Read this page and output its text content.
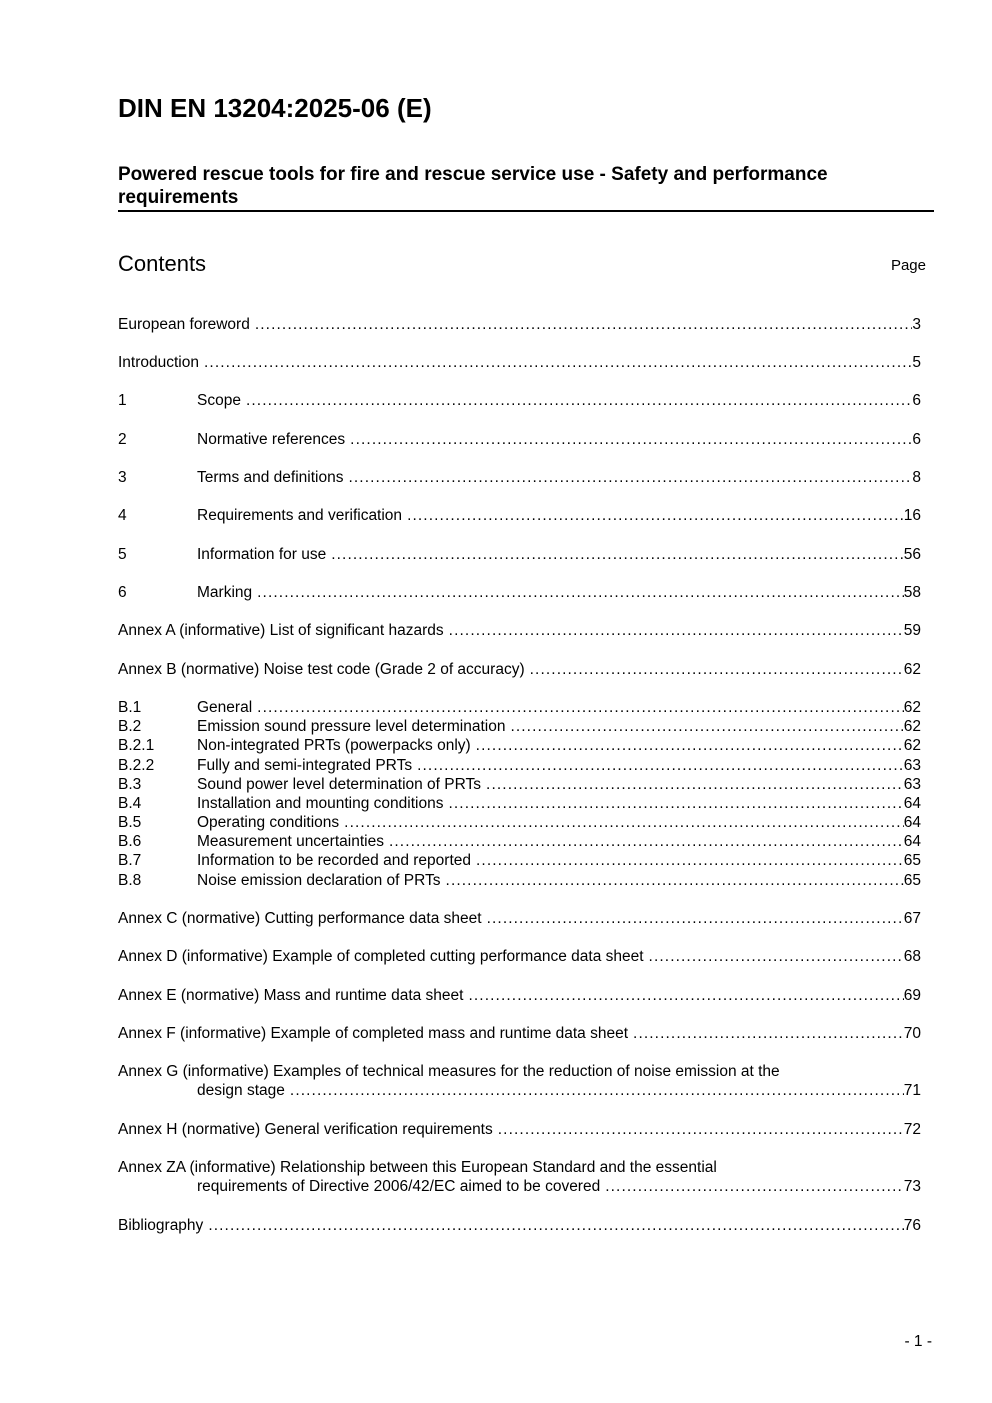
DIN EN 13204:2025-06 (E)
Powered rescue tools for fire and rescue service use - Safety and performance requirements
Contents	Page
European foreword . . .	3
Introduction . . .	5
1	Scope . . .	6
2	Normative references . . .	6
3	Terms and definitions . . .	8
4	Requirements and verification . . .	16
5	Information for use . . .	56
6	Marking . . .	58
Annex A (informative) List of significant hazards . . .	59
Annex B (normative) Noise test code (Grade 2 of accuracy) . . .	62
B.1	General . . .	62
B.2	Emission sound pressure level determination . . .	62
B.2.1	Non-integrated PRTs (powerpacks only) . . .	62
B.2.2	Fully and semi-integrated PRTs . . .	63
B.3	Sound power level determination of PRTs . . .	63
B.4	Installation and mounting conditions . . .	64
B.5	Operating conditions . . .	64
B.6	Measurement uncertainties . . .	64
B.7	Information to be recorded and reported . . .	65
B.8	Noise emission declaration of PRTs . . .	65
Annex C (normative) Cutting performance data sheet . . .	67
Annex D (informative) Example of completed cutting performance data sheet . . .	68
Annex E (normative) Mass and runtime data sheet . . .	69
Annex F (informative) Example of completed mass and runtime data sheet . . .	70
Annex G (informative) Examples of technical measures for the reduction of noise emission at the
design stage . . .	71
Annex H (normative) General verification requirements . . .	72
Annex ZA (informative) Relationship between this European Standard and the essential
requirements of Directive 2006/42/EC aimed to be covered . . .	73
Bibliography . . .	76
- 1 -
